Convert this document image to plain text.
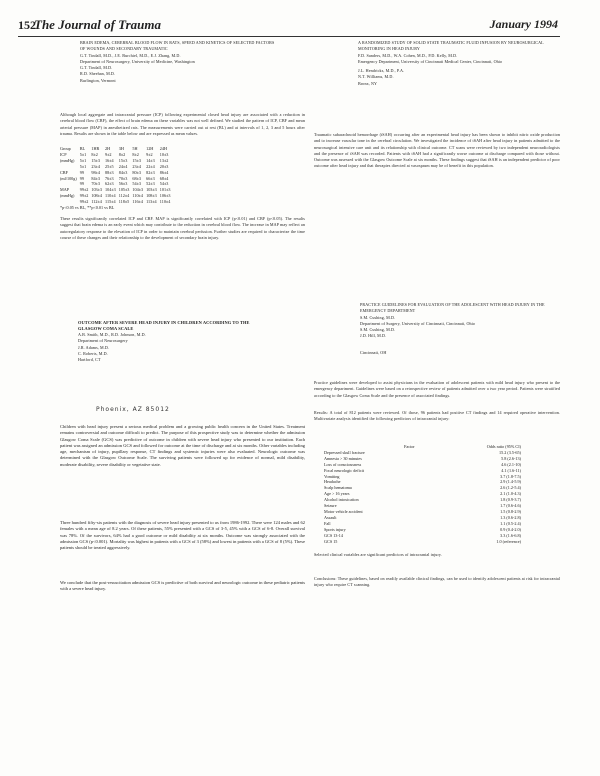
152
The Journal of Trauma	January 1994
BRAIN EDEMA, CEREBRAL BLOOD FLOW IN RATS, SPEED AND KINETICS OF SELECTED FACTORS OF WOUNDS AND SECONDARY TRAUMATIC
G.T. Tindall, M.D., J.E. Burchiel, M.D., E.J. Zhang, M.D.
Department of Neurosurgery, University of Medicine, Washington
G.T. Tindall, M.D.
R.D. Sheehan, M.D.
Burlington, Vermont
A RANDOMIZED STUDY OF SOLID STATE TRAUMATIC FLUID INFUSION BY NEUROSURGICAL MONITORING IN HEAD INJURY
F.D. Sanders, M.D., W.A. Cohen, M.D., P.D. Kelly, M.D.
Emergency Department, University of Cincinnati Medical Center, Cincinnati, Ohio
J.L. Hendricks, M.D., P.A.
N.T. Williams, M.D.
Bronx, NY
Although local aggregate and intracranial pressure (ICP) following experimental closed head injury are associated with a reduction in cerebral blood flow (CBF), the effect of brain edema on these variables was not well defined. We studied the pattern of ICP, CBF and mean arterial pressure (MAP) in anesthetized rats. The measurements were carried out at rest (BL) and at intervals of 1, 2, 3 and 5 hours after trauma. Results are shown in the table below and are expressed as mean values.
Group	BL	1HR	2H	3H	5H	12H	24H
ICP	5±1	8±2	9±2	8±2	8±2	9±2	10±3
(mmHg)	5±1	15±3	16±4	15±3	15±3	14±3	13±2
	5±1	23±4	25±5	24±4	23±4	22±4	20±3
CBF	99	98±4	88±3	84±3	80±3	82±3	86±4
(ml/100g)	99	84±3	76±3	70±3	68±3	66±3	68±4
	99	70±3	62±3	56±3	54±3	52±3	54±3
MAP	99±2	103±3	104±3	105±3	104±3	103±3	101±3
(mmHg)	99±2	108±4	110±4	112±4	110±4	108±3	106±3
	99±2	112±4	115±4	118±5	116±4	113±4	110±4
*p<0.05 vs BL, **p<0.01 vs BL							
These results significantly correlated ICP and CBF. MAP is significantly correlated with ICP (p<0.01) and CBF (p<0.05). The results suggest that brain edema is an early event which may contribute to the reduction in cerebral blood flow. The increase in MAP may reflect an autoregulatory response to the elevation of ICP in order to maintain cerebral perfusion. Further studies are required to characterize the time course of these changes and their relationship to the development of secondary brain injury.
Traumatic subarachnoid hemorrhage (tSAH) occurring after an experimental head injury has been shown to inhibit nitric oxide production and to increase vascular tone in the cerebral circulation. We investigated the incidence of tSAH after head injury in patients admitted to the neurosurgical intensive care unit and its relationship with clinical outcome. CT scans were reviewed by two independent neuroradiologists and the presence of tSAH was recorded. Patients with tSAH had a significantly worse outcome at discharge compared with those without. Outcome was assessed with the Glasgow Outcome Scale at six months. These findings suggest that tSAH is an independent predictor of poor outcome after head injury and that therapies directed at vasospasm may be of benefit in this population.
PRACTICE GUIDELINES FOR EVALUATION OF THE ADOLESCENT WITH HEAD INJURY IN THE EMERGENCY DEPARTMENT
S.M. Cushing, M.D.
Department of Surgery, University of Cincinnati, Cincinnati, Ohio
S.M. Cushing, M.D.
J.D. Hill, M.D.
Cincinnati, OH
Practice guidelines were developed to assist physicians in the evaluation of adolescent patients with mild head injury who present to the emergency department. Guidelines were based on a retrospective review of patients admitted over a two year period. Patients were stratified according to the Glasgow Coma Scale and the presence of associated findings.
Results: A total of 812 patients were reviewed. Of those, 96 patients had positive CT findings and 14 required operative intervention. Multivariate analysis identified the following predictors of intracranial injury:
Factor	Odds ratio (95% CI)
Depressed skull fracture	15.2 (3.5-65)
Amnesia > 30 minutes	5.8 (2.6-13)
Loss of consciousness	4.6 (2.1-10)
Focal neurologic deficit	4.1 (1.6-11)
Vomiting	3.7 (1.8-7.5)
Headache	2.9 (1.4-5.9)
Scalp hematoma	2.6 (1.2-5.4)
Age > 16 years	2.1 (1.0-4.3)
Alcohol intoxication	1.8 (0.9-3.7)
Seizure	1.7 (0.6-4.6)
Motor vehicle accident	1.5 (0.8-2.9)
Assault	1.3 (0.6-2.8)
Fall	1.1 (0.5-2.4)
Sports injury	0.9 (0.4-2.0)
GCS 13-14	3.3 (1.6-6.8)
GCS 15	1.0 (reference)
Selected clinical variables are significant predictors of intracranial injury.
Conclusions: These guidelines, based on readily available clinical findings, can be used to identify adolescent patients at risk for intracranial injury who require CT scanning.
OUTCOME AFTER SEVERE HEAD INJURY IN CHILDREN ACCORDING TO THE GLASGOW COMA SCALE
A.B. Smith, M.D., R.D. Johnson, M.D.
Department of Neurosurgery
J.R. Adams, M.D.
C. Roberts, M.D.
Hartford, CT
Phoenix, AZ 85012
Children with head injury present a serious medical problem and a growing public health concern in the United States. Treatment remains controversial and outcome difficult to predict. The purpose of this prospective study was to determine whether the admission Glasgow Coma Scale (GCS) was predictive of outcome in children with severe head injury who presented to our institution. Each patient was assigned an admission GCS and followed for outcome at the time of discharge and at six months. Other variables including age, mechanism of injury, pupillary response, CT findings and systemic injuries were also evaluated. Neurologic outcome was determined with the Glasgow Outcome Scale. The surviving patients were followed up for evidence of normal, mild disability, moderate disability, severe disability or vegetative state.
Three hundred fifty-six patients with the diagnosis of severe head injury presented to us from 1986-1992. There were 124 males and 62 females with a mean age of 8.2 years. Of these patients, 55% presented with a GCS of 3-5, 45% with a GCS of 6-8. Overall survival was 78%. Of the survivors, 64% had a good outcome or mild disability at six months. Outcome was strongly associated with the admission GCS (p<0.001). Mortality was highest in patients with a GCS of 3 (58%) and lowest in patients with a GCS of 8 (5%). These patients should be treated aggressively.
We conclude that the post-resuscitation admission GCS is predictive of both survival and neurologic outcome in these pediatric patients with a severe head injury.
